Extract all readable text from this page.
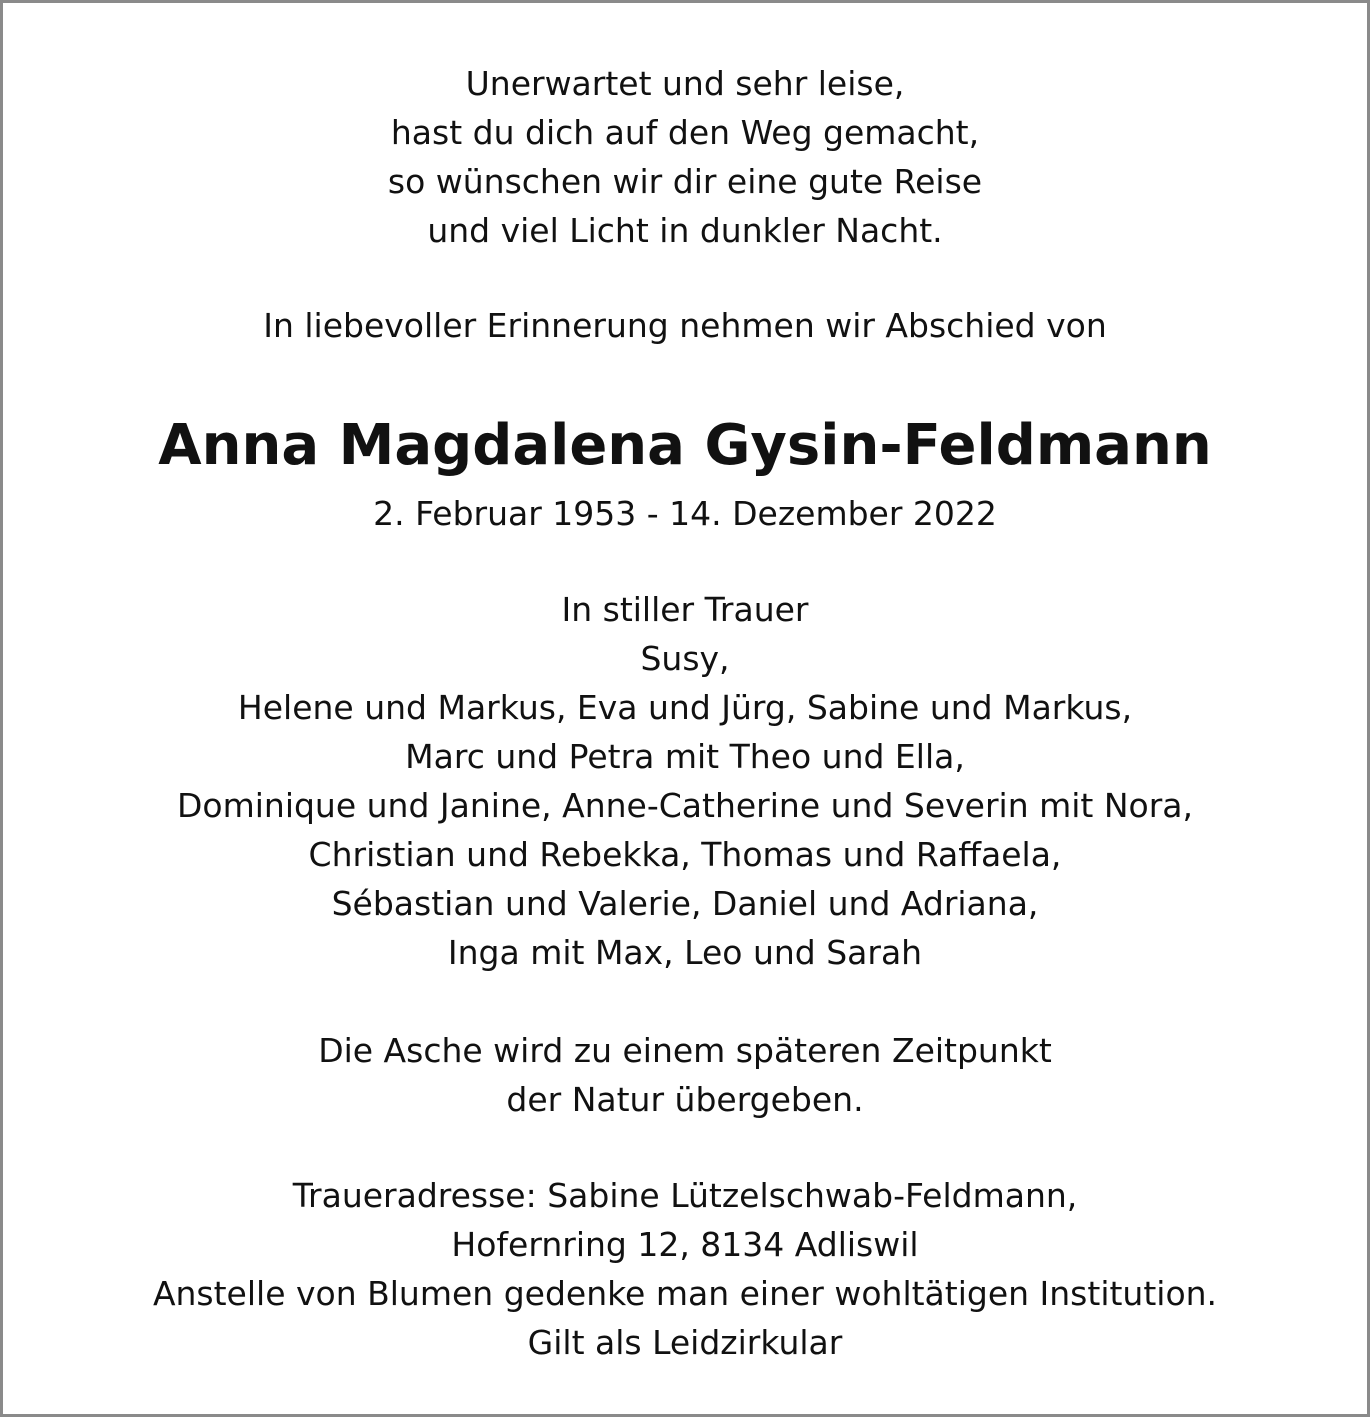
Unerwartet und sehr leise,

hast du dich auf den Weg gemacht,

so wünschen wir dir eine gute Reise

und viel Licht in dunkler Nacht.

In liebevoller Erinnerung nehmen wir Abschied von

Anna Magdalena Gysin-Feldmann

2. Februar 1953 - 14. Dezember 2022

In stiller Trauer

Susy,

Helene und Markus, Eva und Jürg, Sabine und Markus,

Marc und Petra mit Theo und Ella,

Dominique und Janine, Anne-Catherine und Severin mit Nora,

Christian und Rebekka, Thomas und Raffaela,

Sébastian und Valerie, Daniel und Adriana,

Inga mit Max, Leo und Sarah

Die Asche wird zu einem späteren Zeitpunkt

der Natur übergeben.

Traueradresse: Sabine Lützelschwab-Feldmann,

Hofernring 12, 8134 Adliswil

Anstelle von Blumen gedenke man einer wohltätigen Institution.

Gilt als Leidzirkular
